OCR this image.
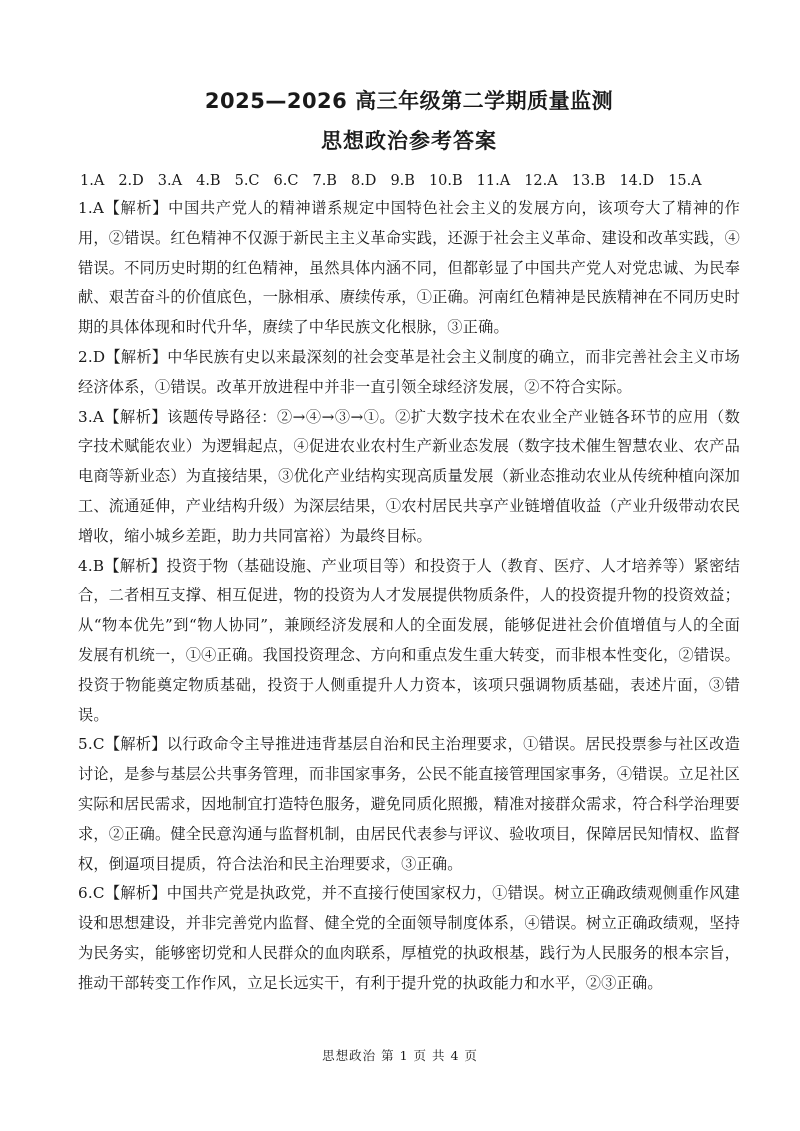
2025—2026 高三年级第二学期质量监测
思想政治参考答案
1.A 2.D 3.A 4.B 5.C 6.C 7.B 8.D 9.B 10.B 11.A 12.A 13.B 14.D 15.A

1.A【解析】中国共产党人的精神谱系规定中国特色社会主义的发展方向，该项夸大了精神的作用，②错误。红色精神不仅源于新民主主义革命实践，还源于社会主义革命、建设和改革实践，④错误。不同历史时期的红色精神，虽然具体内涵不同，但都彰显了中国共产党人对党忠诚、为民奉献、艰苦奋斗的价值底色，一脉相承、赓续传承，①正确。河南红色精神是民族精神在不同历史时期的具体体现和时代升华，赓续了中华民族文化根脉，③正确。

2.D【解析】中华民族有史以来最深刻的社会变革是社会主义制度的确立，而非完善社会主义市场经济体系，①错误。改革开放进程中并非一直引领全球经济发展，②不符合实际。

3.A【解析】该题传导路径：②→④→③→①。②扩大数字技术在农业全产业链各环节的应用（数字技术赋能农业）为逻辑起点，④促进农业农村生产新业态发展（数字技术催生智慧农业、农产品电商等新业态）为直接结果，③优化产业结构实现高质量发展（新业态推动农业从传统种植向深加工、流通延伸，产业结构升级）为深层结果，①农村居民共享产业链增值收益（产业升级带动农民增收，缩小城乡差距，助力共同富裕）为最终目标。

4.B【解析】投资于物（基础设施、产业项目等）和投资于人（教育、医疗、人才培养等）紧密结合，二者相互支撑、相互促进，物的投资为人才发展提供物质条件，人的投资提升物的投资效益；从“物本优先”到“物人协同”，兼顾经济发展和人的全面发展，能够促进社会价值增值与人的全面发展有机统一，①④正确。我国投资理念、方向和重点发生重大转变，而非根本性变化，②错误。投资于物能奠定物质基础，投资于人侧重提升人力资本，该项只强调物质基础，表述片面，③错误。

5.C【解析】以行政命令主导推进违背基层自治和民主治理要求，①错误。居民投票参与社区改造讨论，是参与基层公共事务管理，而非国家事务，公民不能直接管理国家事务，④错误。立足社区实际和居民需求，因地制宜打造特色服务，避免同质化照搬，精准对接群众需求，符合科学治理要求，②正确。健全民意沟通与监督机制，由居民代表参与评议、验收项目，保障居民知情权、监督权，倒逼项目提质，符合法治和民主治理要求，③正确。

6.C【解析】中国共产党是执政党，并不直接行使国家权力，①错误。树立正确政绩观侧重作风建设和思想建设，并非完善党内监督、健全党的全面领导制度体系，④错误。树立正确政绩观，坚持为民务实，能够密切党和人民群众的血肉联系，厚植党的执政根基，践行为人民服务的根本宗旨，推动干部转变工作作风，立足长远实干，有利于提升党的执政能力和水平，②③正确。

思想政治 第 1 页 共 4 页
